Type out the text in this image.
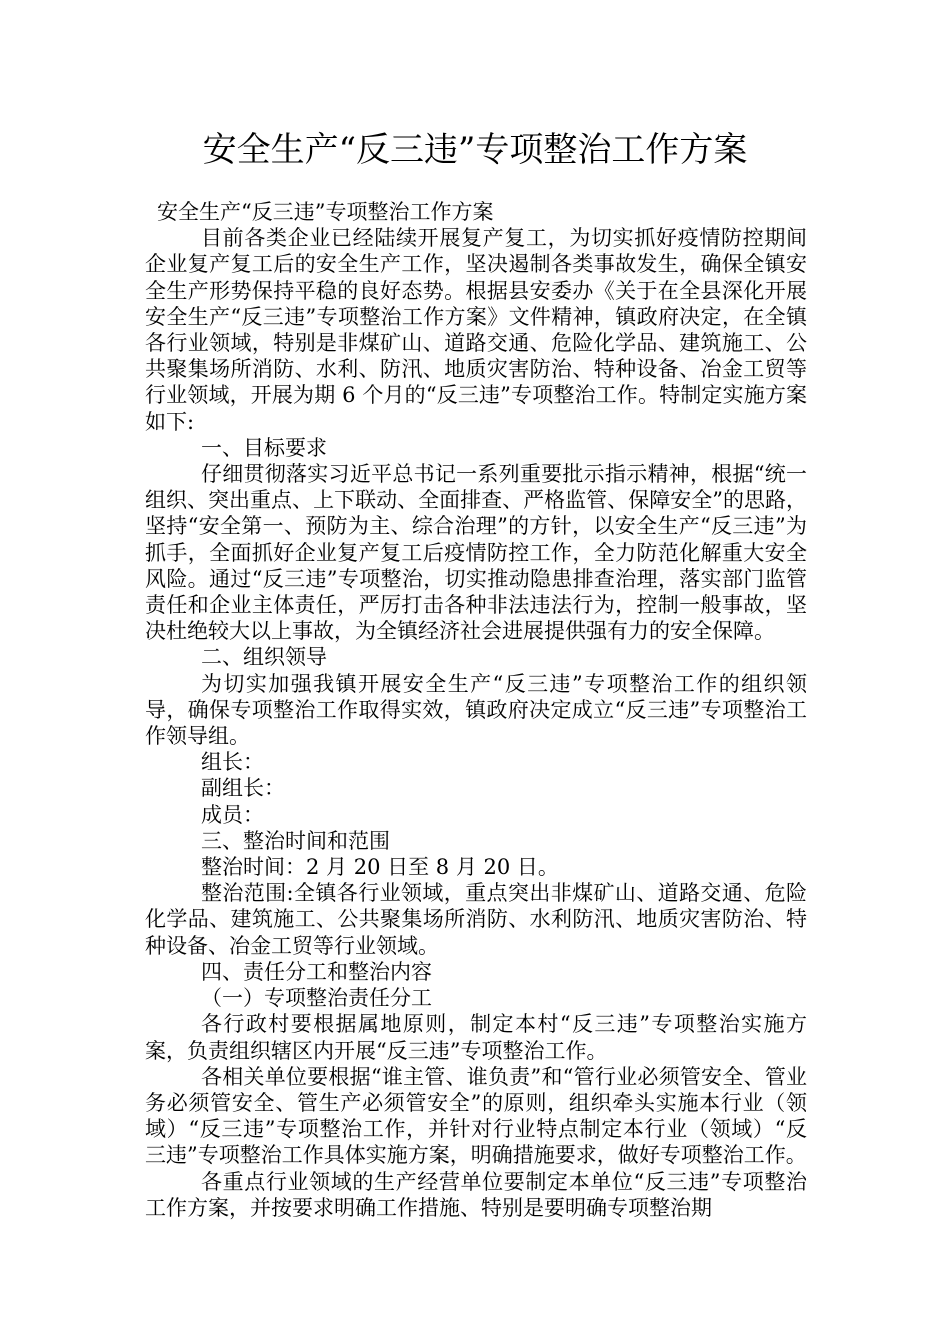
安全生产“反三违”专项整治工作方案

安全生产“反三违”专项整治工作方案

目前各类企业已经陆续开展复产复工，为切实抓好疫情防控期间企业复产复工后的安全生产工作，坚决遏制各类事故发生，确保全镇安全生产形势保持平稳的良好态势。根据县安委办《关于在全县深化开展安全生产“反三违”专项整治工作方案》文件精神，镇政府决定，在全镇各行业领域，特别是非煤矿山、道路交通、危险化学品、建筑施工、公共聚集场所消防、水利、防汛、地质灾害防治、特种设备、冶金工贸等行业领域，开展为期 6 个月的“反三违”专项整治工作。特制定实施方案如下:

一、目标要求

仔细贯彻落实习近平总书记一系列重要批示指示精神，根据“统一组织、突出重点、上下联动、全面排查、严格监管、保障安全”的思路，坚持“安全第一、预防为主、综合治理”的方针，以安全生产“反三违”为抓手，全面抓好企业复产复工后疫情防控工作，全力防范化解重大安全风险。通过“反三违”专项整治，切实推动隐患排查治理，落实部门监管责任和企业主体责任，严厉打击各种非法违法行为，控制一般事故，坚决杜绝较大以上事故，为全镇经济社会进展提供强有力的安全保障。

二、组织领导

为切实加强我镇开展安全生产“反三违”专项整治工作的组织领导，确保专项整治工作取得实效，镇政府决定成立“反三违”专项整治工作领导组。

组长：

副组长：

成员：

三、整治时间和范围

整治时间：2 月 20 日至 8 月 20 日。

整治范围:全镇各行业领域，重点突出非煤矿山、道路交通、危险化学品、建筑施工、公共聚集场所消防、水利防汛、地质灾害防治、特种设备、冶金工贸等行业领域。

四、责任分工和整治内容

（一）专项整治责任分工

各行政村要根据属地原则，制定本村“反三违”专项整治实施方案，负责组织辖区内开展“反三违”专项整治工作。

各相关单位要根据“谁主管、谁负责”和“管行业必须管安全、管业务必须管安全、管生产必须管安全”的原则，组织牵头实施本行业（领域）“反三违”专项整治工作，并针对行业特点制定本行业（领域）“反三违”专项整治工作具体实施方案，明确措施要求，做好专项整治工作。

各重点行业领域的生产经营单位要制定本单位“反三违”专项整治工作方案，并按要求明确工作措施、特别是要明确专项整治期
